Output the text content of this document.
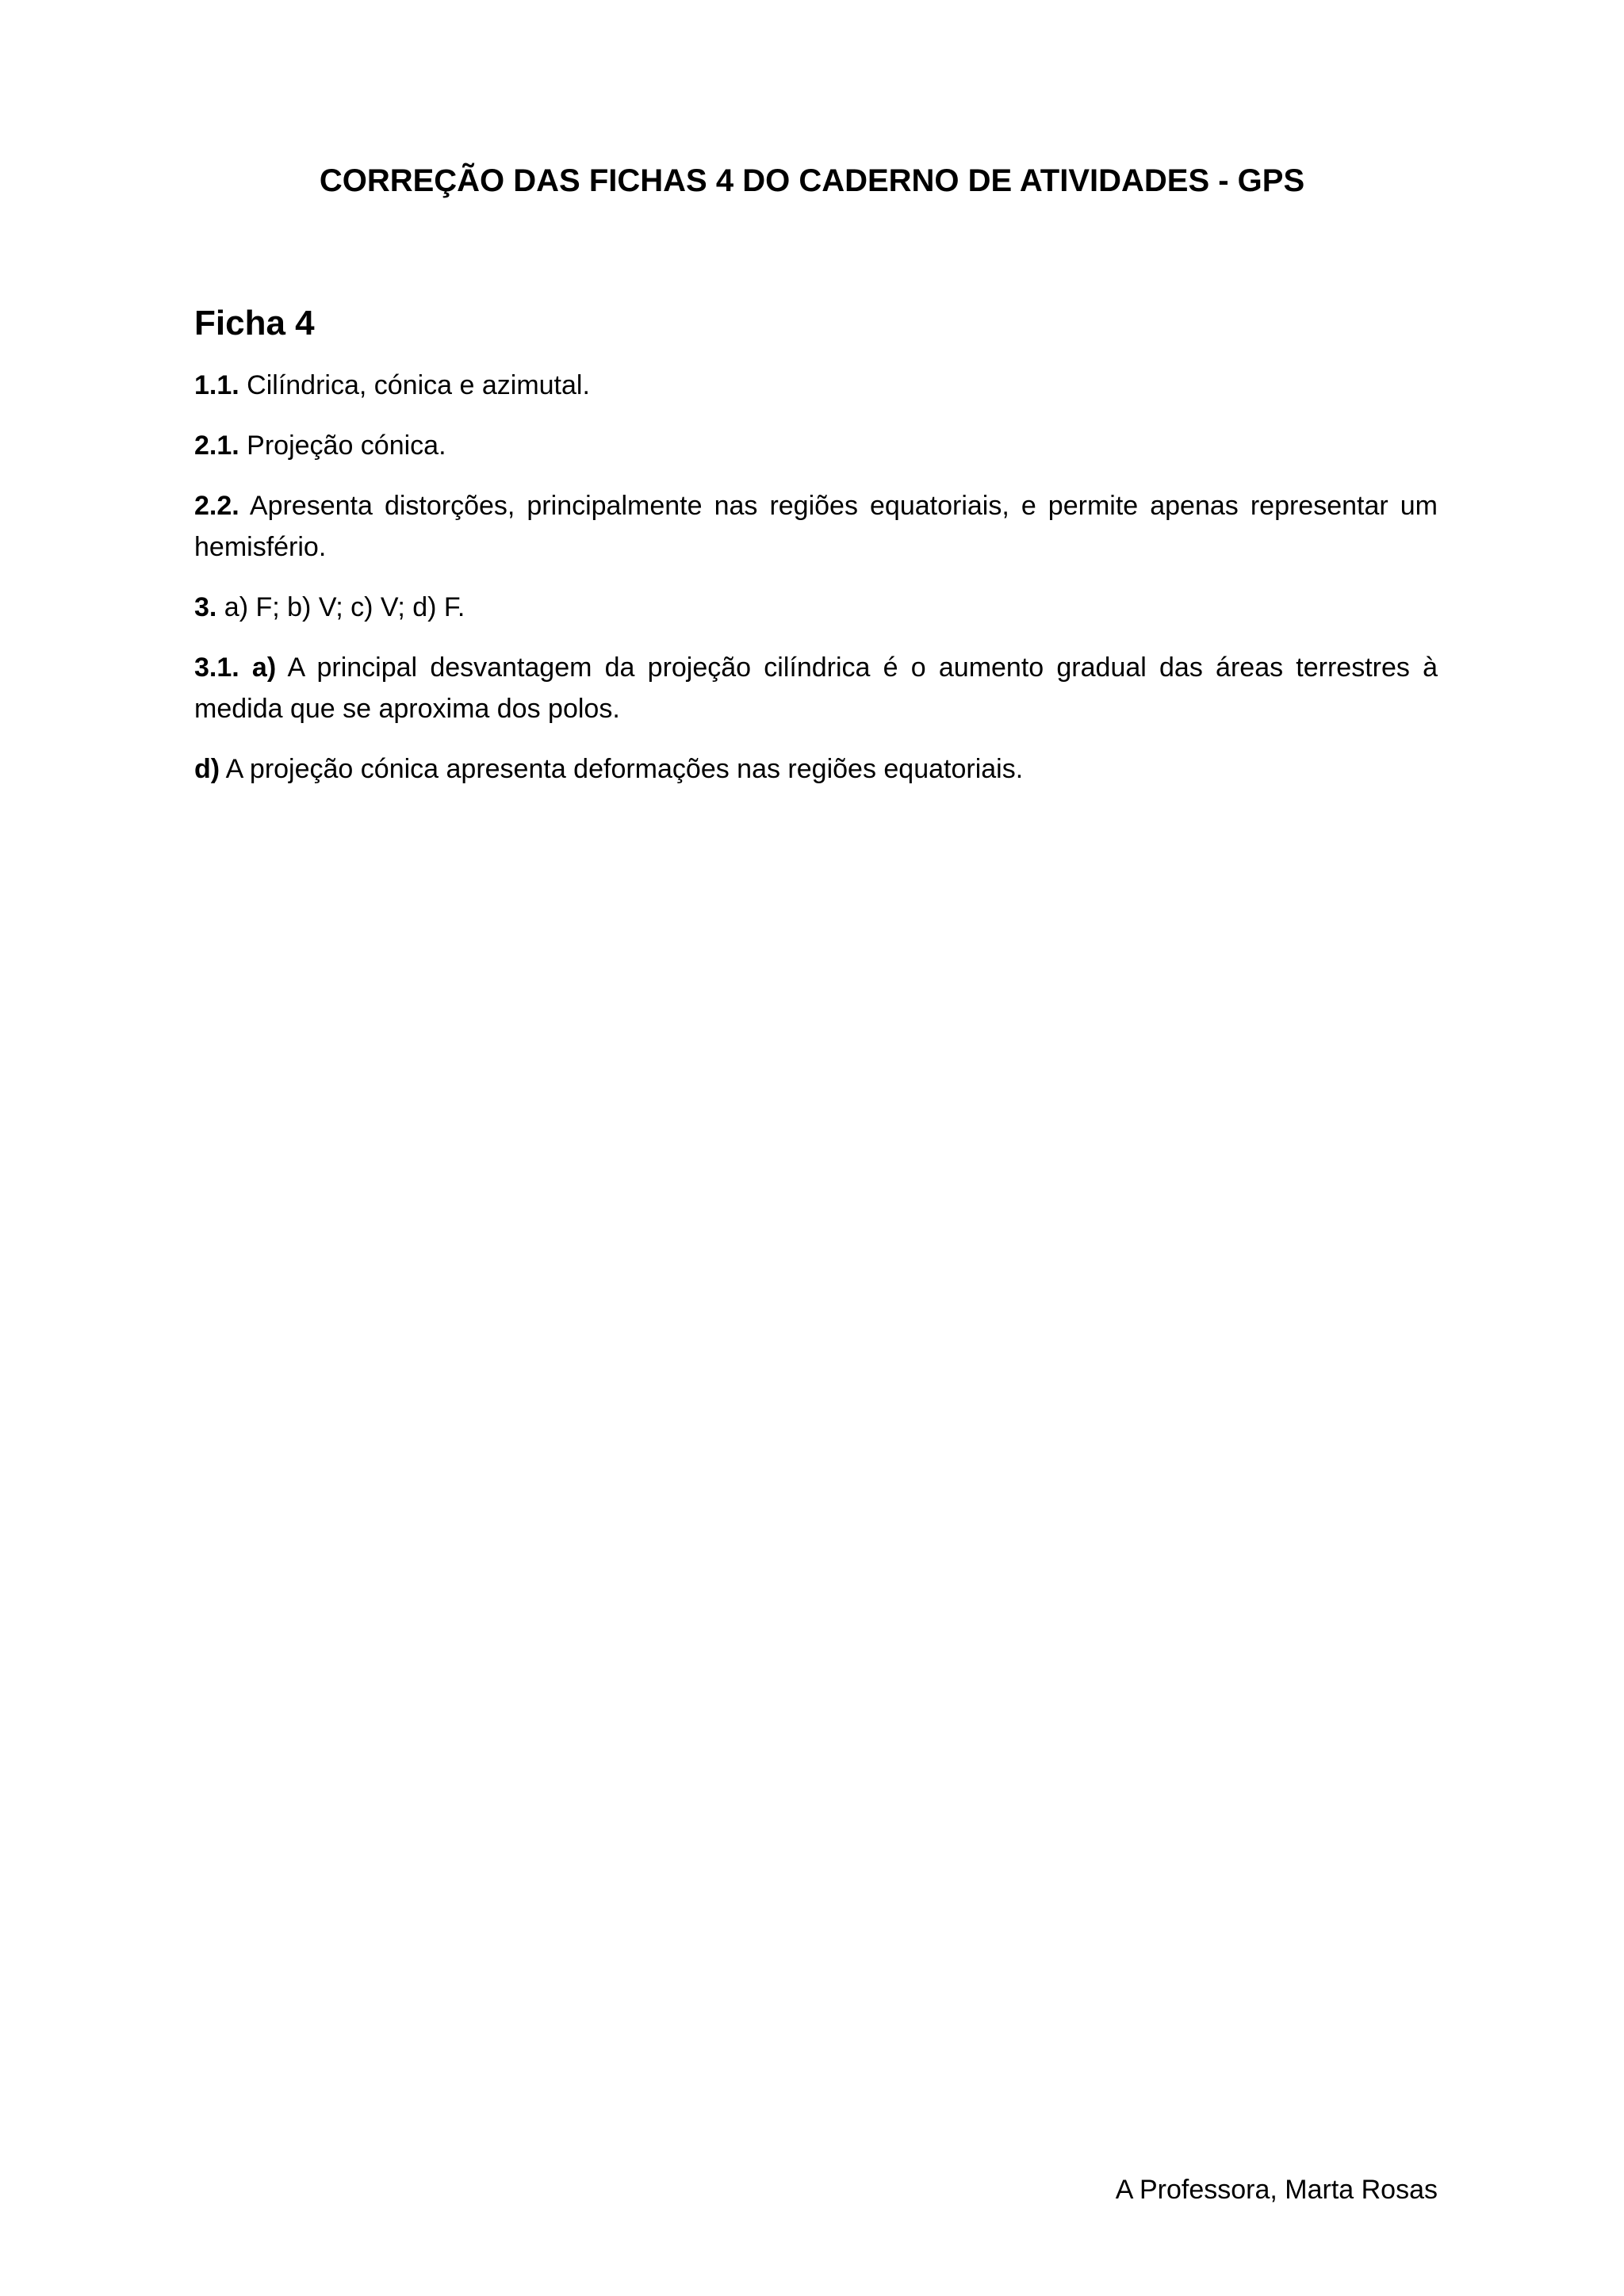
CORREÇÃO DAS FICHAS 4 DO CADERNO DE ATIVIDADES - GPS
Ficha 4

1.1. Cilíndrica, cónica e azimutal.

2.1. Projeção cónica.

2.2. Apresenta distorções, principalmente nas regiões equatoriais, e permite apenas representar um hemisfério.

3. a) F; b) V; c) V; d) F.

3.1. a) A principal desvantagem da projeção cilíndrica é o aumento gradual das áreas terrestres à medida que se aproxima dos polos.

d) A projeção cónica apresenta deformações nas regiões equatoriais.

A Professora, Marta Rosas
